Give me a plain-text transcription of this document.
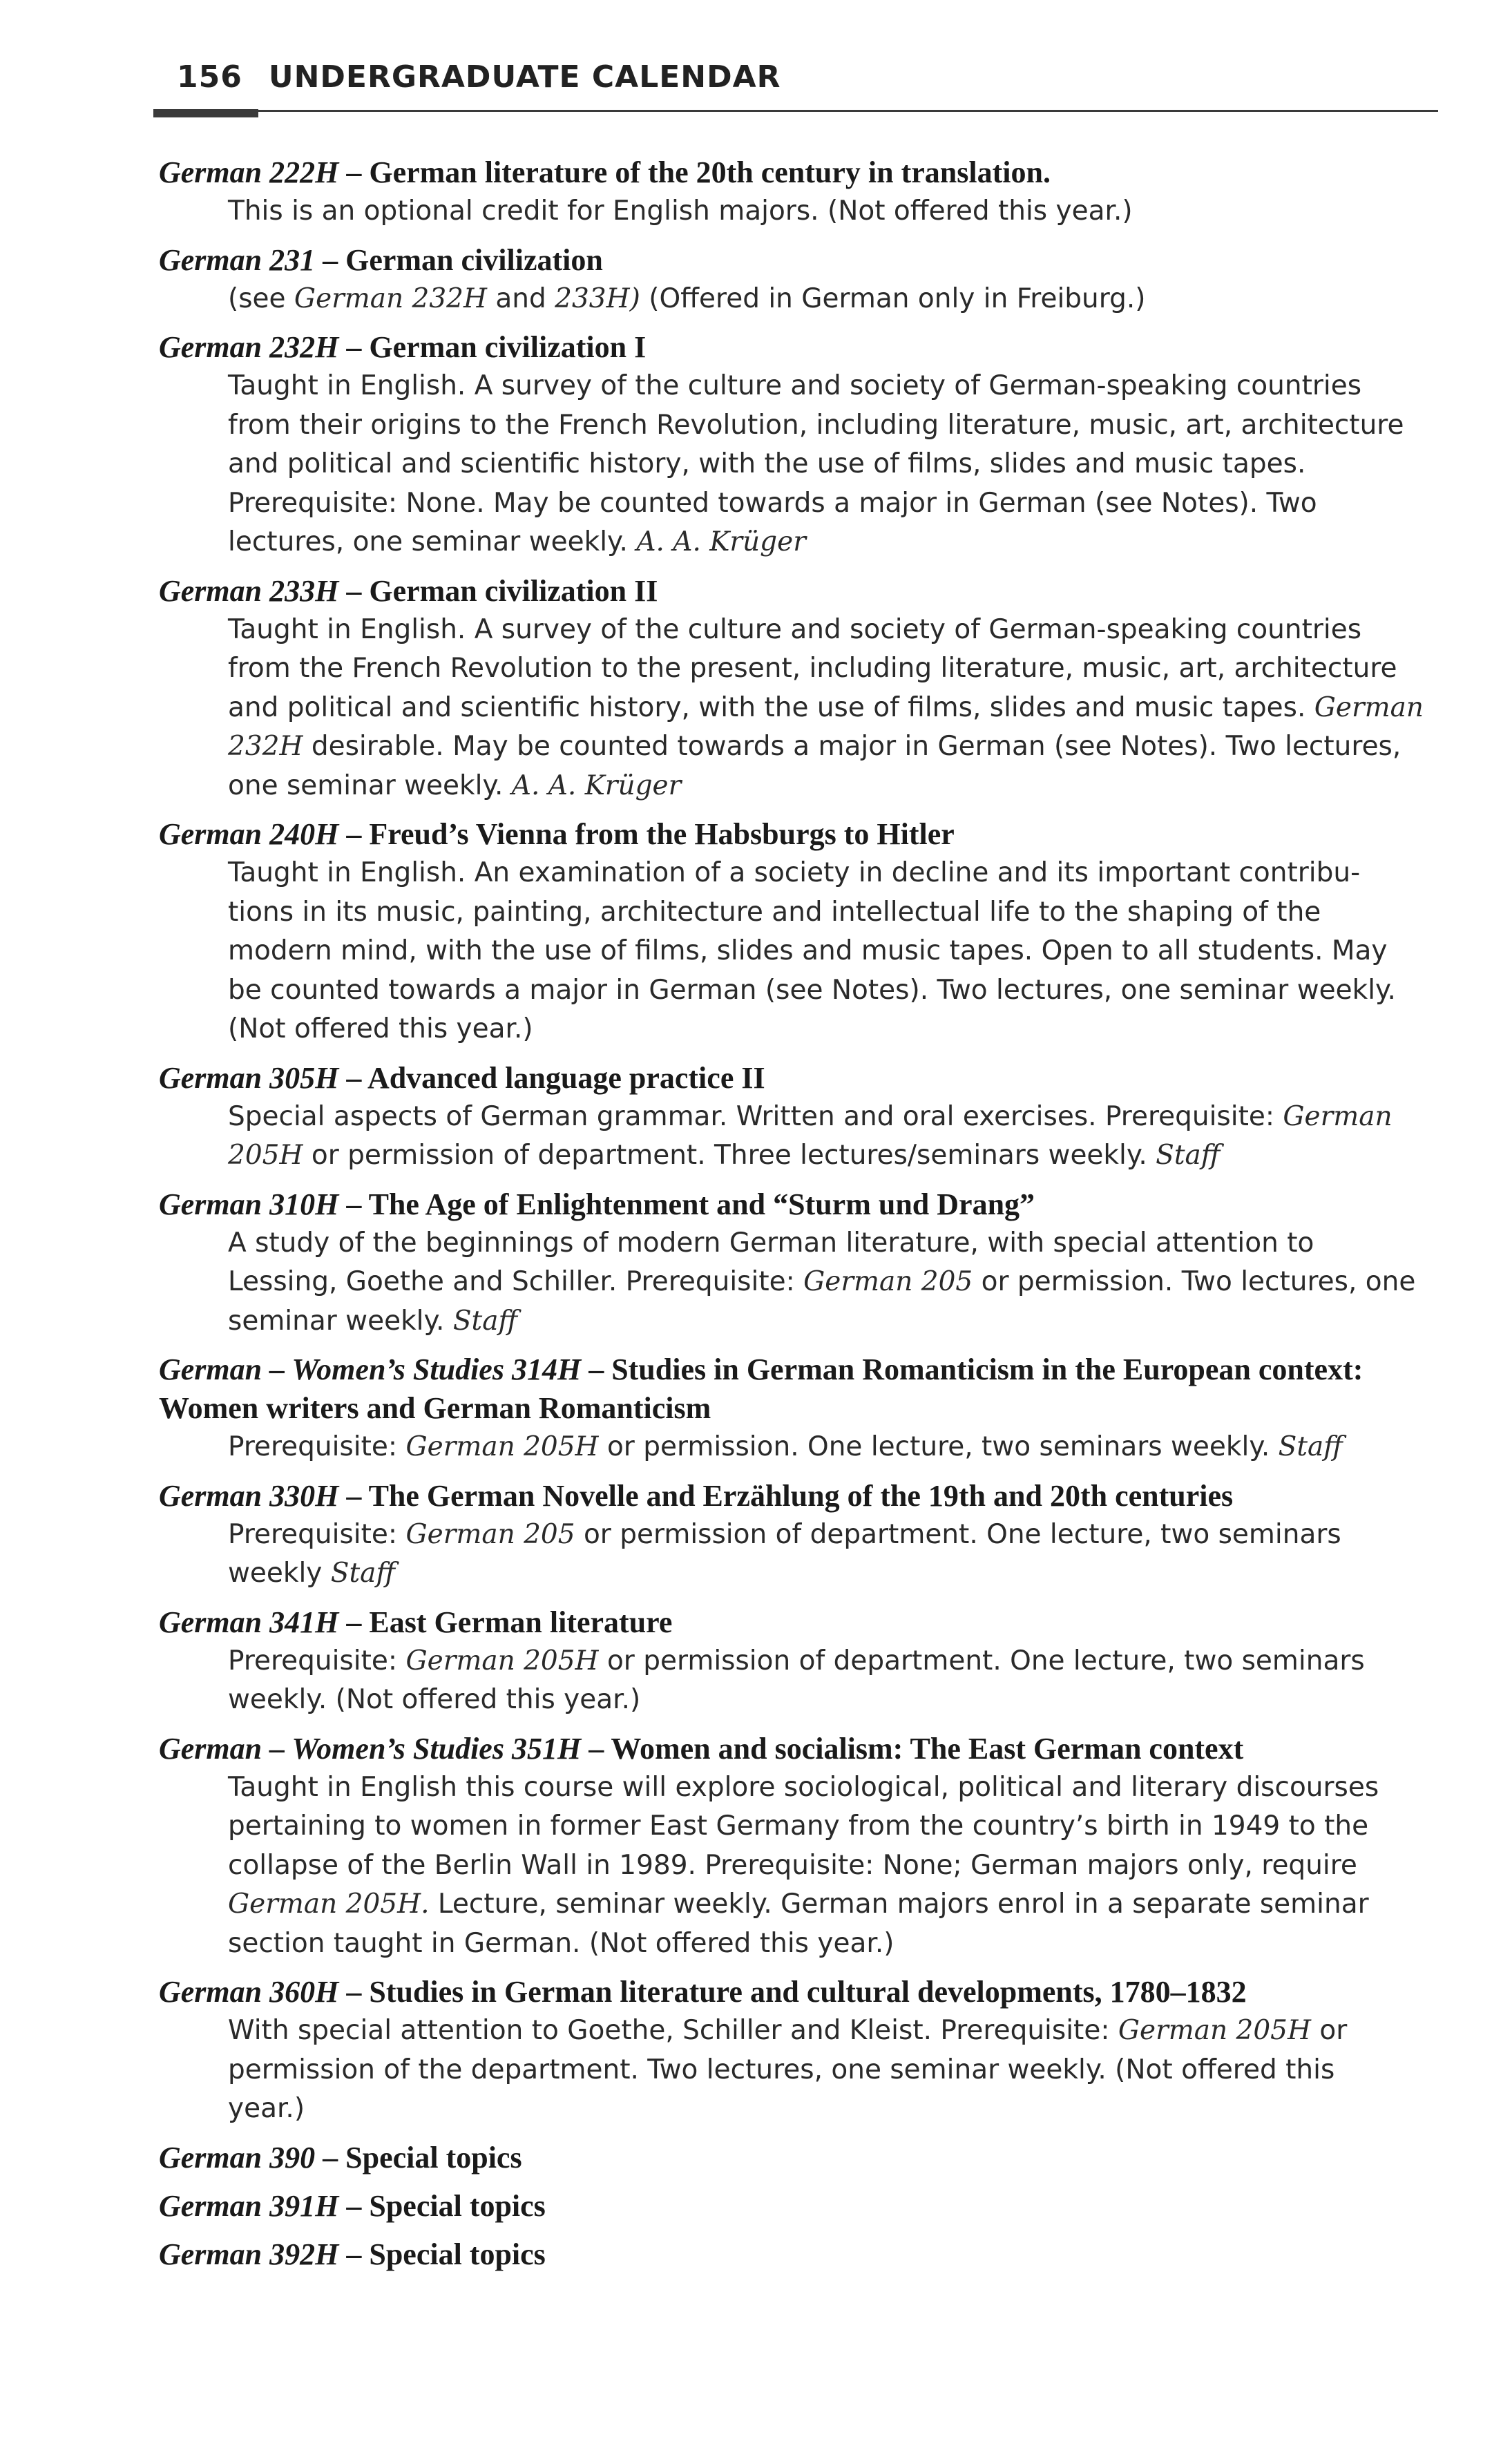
156 UNDERGRADUATE CALENDAR
German 222H – German literature of the 20th century in translation.
This is an optional credit for English majors. (Not offered this year.)
German 231 – German civilization
(see German 232H and 233H) (Offered in German only in Freiburg.)
German 232H – German civilization I
Taught in English. A survey of the culture and society of German-speaking countries
from their origins to the French Revolution, including literature, music, art, architecture
and political and scientific history, with the use of films, slides and music tapes.
Prerequisite: None. May be counted towards a major in German (see Notes). Two
lectures, one seminar weekly. A. A. Krüger
German 233H – German civilization II
Taught in English. A survey of the culture and society of German-speaking countries
from the French Revolution to the present, including literature, music, art, architecture
and political and scientific history, with the use of films, slides and music tapes. German
232H desirable. May be counted towards a major in German (see Notes). Two lectures,
one seminar weekly. A. A. Krüger
German 240H – Freud’s Vienna from the Habsburgs to Hitler
Taught in English. An examination of a society in decline and its important contribu-
tions in its music, painting, architecture and intellectual life to the shaping of the
modern mind, with the use of films, slides and music tapes. Open to all students. May
be counted towards a major in German (see Notes). Two lectures, one seminar weekly.
(Not offered this year.)
German 305H – Advanced language practice II
Special aspects of German grammar. Written and oral exercises. Prerequisite: German
205H or permission of department. Three lectures/seminars weekly. Staff
German 310H – The Age of Enlightenment and “Sturm und Drang”
A study of the beginnings of modern German literature, with special attention to
Lessing, Goethe and Schiller. Prerequisite: German 205 or permission. Two lectures, one
seminar weekly. Staff
German – Women’s Studies 314H – Studies in German Romanticism in the European context: Women writers and German Romanticism
Prerequisite: German 205H or permission. One lecture, two seminars weekly. Staff
German 330H – The German Novelle and Erzählung of the 19th and 20th centuries
Prerequisite: German 205 or permission of department. One lecture, two seminars
weekly Staff
German 341H – East German literature
Prerequisite: German 205H or permission of department. One lecture, two seminars
weekly. (Not offered this year.)
German – Women’s Studies 351H – Women and socialism: The East German context
Taught in English this course will explore sociological, political and literary discourses
pertaining to women in former East Germany from the country’s birth in 1949 to the
collapse of the Berlin Wall in 1989. Prerequisite: None; German majors only, require
German 205H. Lecture, seminar weekly. German majors enrol in a separate seminar
section taught in German. (Not offered this year.)
German 360H – Studies in German literature and cultural developments, 1780–1832
With special attention to Goethe, Schiller and Kleist. Prerequisite: German 205H or
permission of the department. Two lectures, one seminar weekly. (Not offered this
year.)
German 390 – Special topics
German 391H – Special topics
German 392H – Special topics
